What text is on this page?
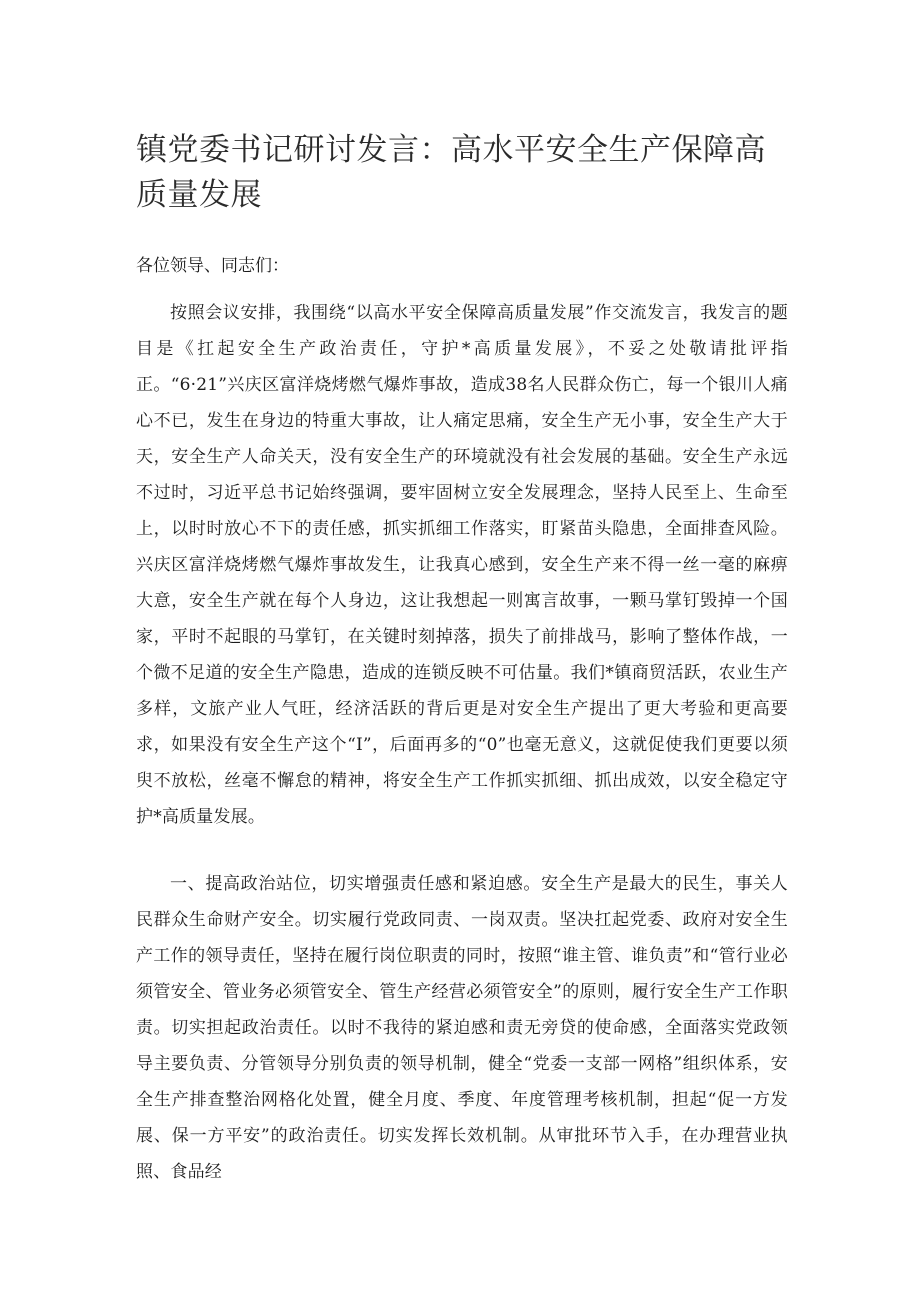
镇党委书记研讨发言：高水平安全生产保障高质量发展

各位领导、同志们：

按照会议安排，我围绕“以高水平安全保障高质量发展”作交流发言，我发言的题目是《扛起安全生产政治责任，守护*高质量发展》，不妥之处敬请批评指正。“6·21”兴庆区富洋烧烤燃气爆炸事故，造成38名人民群众伤亡，每一个银川人痛心不已，发生在身边的特重大事故，让人痛定思痛，安全生产无小事，安全生产大于天，安全生产人命关天，没有安全生产的环境就没有社会发展的基础。安全生产永远不过时，习近平总书记始终强调，要牢固树立安全发展理念，坚持人民至上、生命至上，以时时放心不下的责任感，抓实抓细工作落实，盯紧苗头隐患，全面排查风险。兴庆区富洋烧烤燃气爆炸事故发生，让我真心感到，安全生产来不得一丝一毫的麻痹大意，安全生产就在每个人身边，这让我想起一则寓言故事，一颗马掌钉毁掉一个国家，平时不起眼的马掌钉，在关键时刻掉落，损失了前排战马，影响了整体作战，一个微不足道的安全生产隐患，造成的连锁反映不可估量。我们*镇商贸活跃，农业生产多样，文旅产业人气旺，经济活跃的背后更是对安全生产提出了更大考验和更高要求，如果没有安全生产这个“I”，后面再多的“0”也毫无意义，这就促使我们更要以须臾不放松，丝毫不懈怠的精神，将安全生产工作抓实抓细、抓出成效，以安全稳定守护*高质量发展。

一、提高政治站位，切实增强责任感和紧迫感。安全生产是最大的民生，事关人民群众生命财产安全。切实履行党政同责、一岗双责。坚决扛起党委、政府对安全生产工作的领导责任，坚持在履行岗位职责的同时，按照“谁主管、谁负责”和“管行业必须管安全、管业务必须管安全、管生产经营必须管安全”的原则，履行安全生产工作职责。切实担起政治责任。以时不我待的紧迫感和责无旁贷的使命感，全面落实党政领导主要负责、分管领导分别负责的领导机制，健全“党委一支部一网格”组织体系，安全生产排查整治网格化处置，健全月度、季度、年度管理考核机制，担起“促一方发展、保一方平安”的政治责任。切实发挥长效机制。从审批环节入手，在办理营业执照、食品经
